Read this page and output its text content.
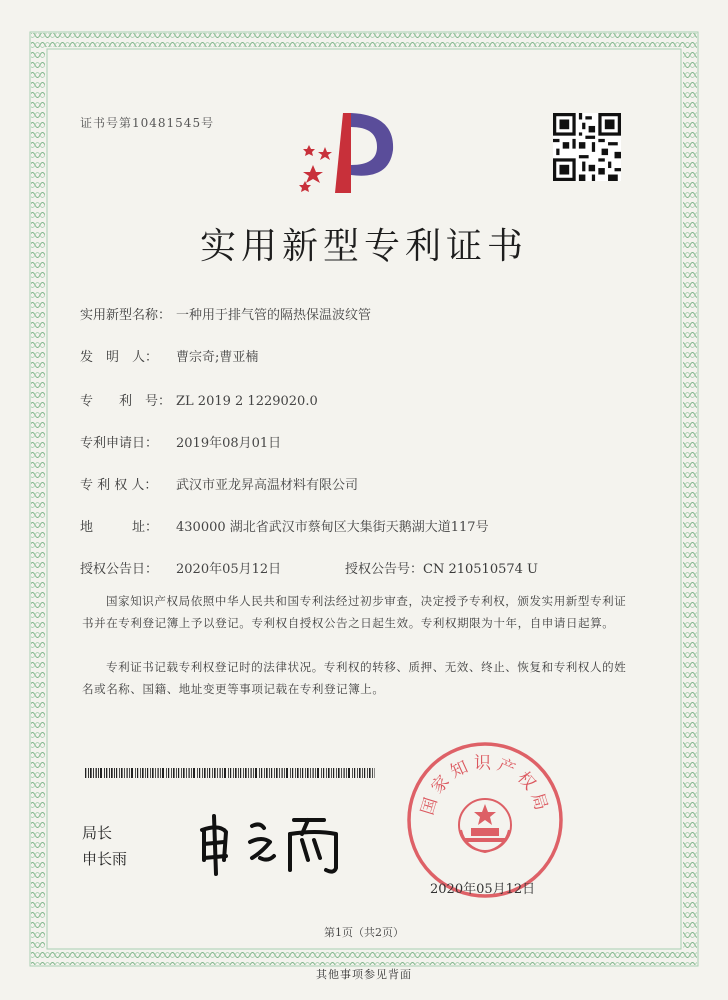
证书号第10481545号
实用新型专利证书
实用新型名称： 一种用于排气管的隔热保温波纹管
发　明　人： 曹宗奇;曹亚楠
专　　利　号： ZL 2019 2 1229020.0
专利申请日： 2019年08月01日
专 利 权 人： 武汉市亚龙昇高温材料有限公司
地　　　址： 430000 湖北省武汉市蔡甸区大集街天鹅湖大道117号
授权公告日： 2020年05月12日	授权公告号：CN 210510574 U
国家知识产权局依照中华人民共和国专利法经过初步审查，决定授予专利权，颁发实用新型专利证书并在专利登记簿上予以登记。专利权自授权公告之日起生效。专利权期限为十年，自申请日起算。
专利证书记载专利权登记时的法律状况。专利权的转移、质押、无效、终止、恢复和专利权人的姓名或名称、国籍、地址变更等事项记载在专利登记簿上。
局长
申长雨
国家知识产权局
2020年05月12日
第1页（共2页）
其他事项参见背面
